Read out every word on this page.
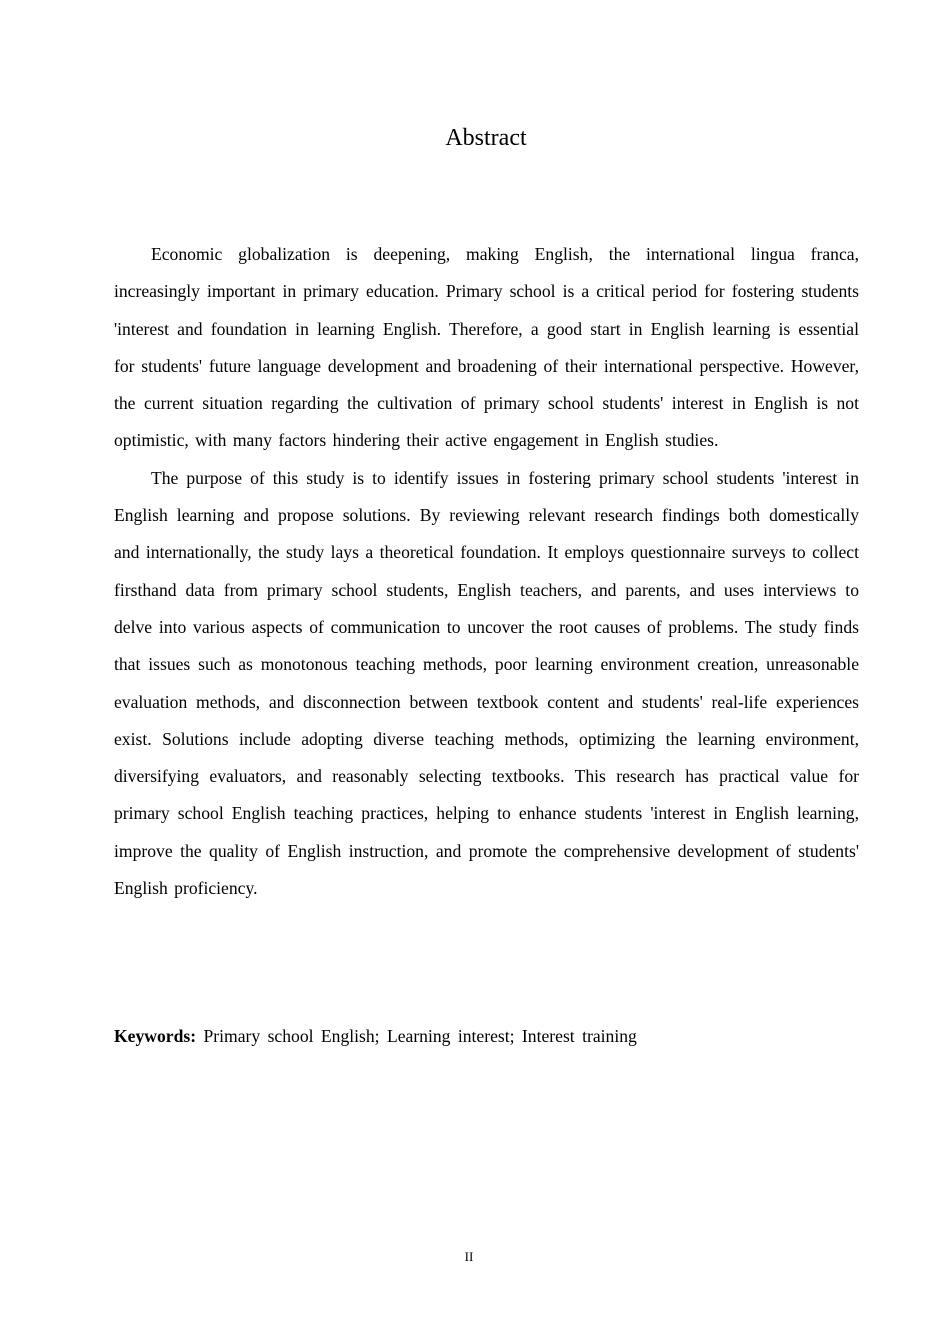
Abstract

Economic globalization is deepening, making English, the international lingua franca, increasingly important in primary education. Primary school is a critical period for fostering students 'interest and foundation in learning English. Therefore, a good start in English learning is essential for students' future language development and broadening of their international perspective. However, the current situation regarding the cultivation of primary school students' interest in English is not optimistic, with many factors hindering their active engagement in English studies.

The purpose of this study is to identify issues in fostering primary school students 'interest in English learning and propose solutions. By reviewing relevant research findings both domestically and internationally, the study lays a theoretical foundation. It employs questionnaire surveys to collect firsthand data from primary school students, English teachers, and parents, and uses interviews to delve into various aspects of communication to uncover the root causes of problems. The study finds that issues such as monotonous teaching methods, poor learning environment creation, unreasonable evaluation methods, and disconnection between textbook content and students' real-life experiences exist. Solutions include adopting diverse teaching methods, optimizing the learning environment, diversifying evaluators, and reasonably selecting textbooks. This research has practical value for primary school English teaching practices, helping to enhance students 'interest in English learning, improve the quality of English instruction, and promote the comprehensive development of students' English proficiency.

Keywords: Primary school English; Learning interest; Interest training
II
